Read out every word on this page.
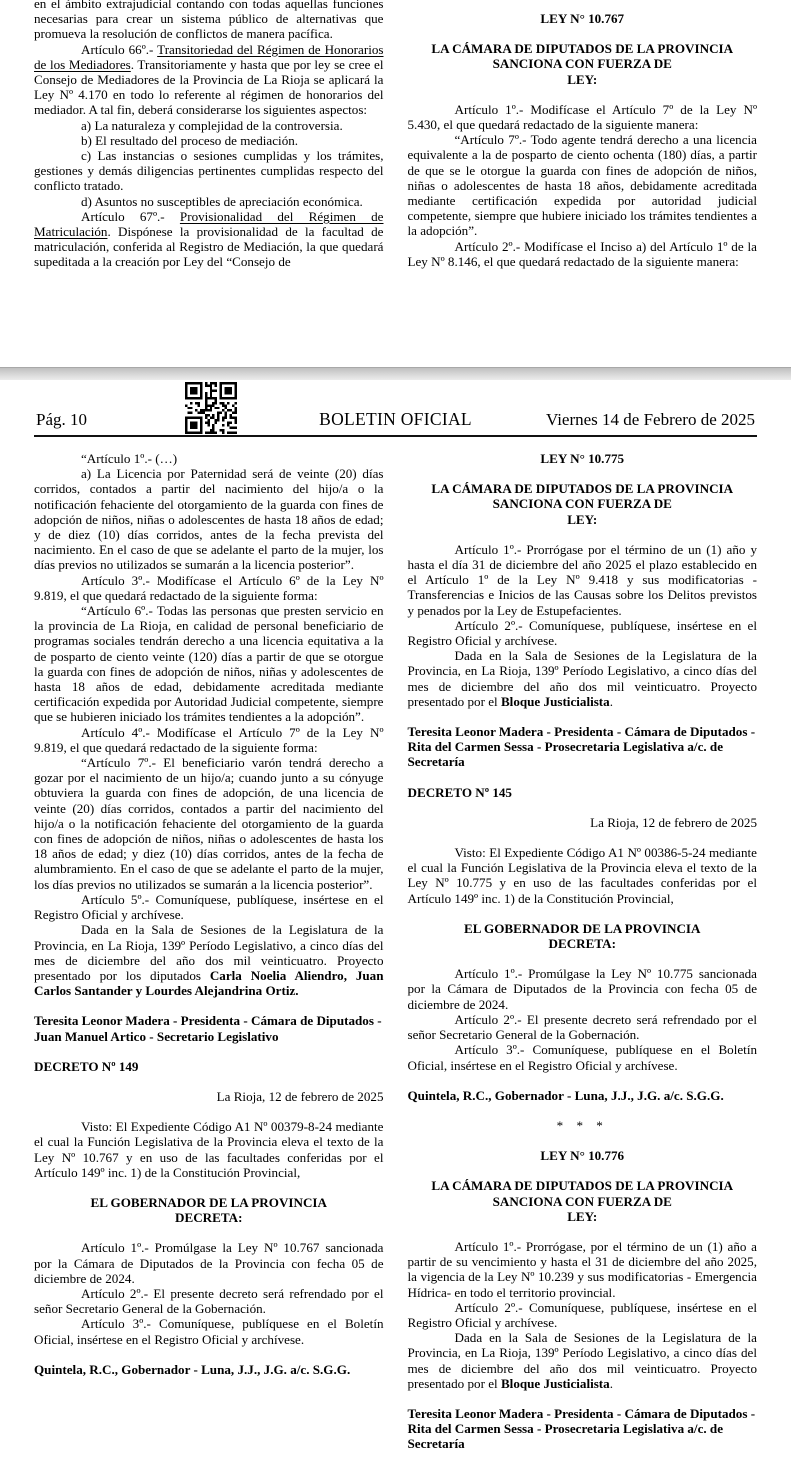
en el ámbito extrajudicial contando con todas aquellas funciones necesarias para crear un sistema público de alternativas que promueva la resolución de conflictos de manera pacífica.

Artículo 66º.- Transitoriedad del Régimen de Honorarios de los Mediadores. Transitoriamente y hasta que por ley se cree el Consejo de Mediadores de la Provincia de La Rioja se aplicará la Ley Nº 4.170 en todo lo referente al régimen de honorarios del mediador. A tal fin, deberá considerarse los siguientes aspectos:

a) La naturaleza y complejidad de la controversia.

b) El resultado del proceso de mediación.

c) Las instancias o sesiones cumplidas y los trámites, gestiones y demás diligencias pertinentes cumplidas respecto del conflicto tratado.

d) Asuntos no susceptibles de apreciación económica.

Artículo 67º.- Provisionalidad del Régimen de Matriculación. Dispónese la provisionalidad de la facultad de matriculación, conferida al Registro de Mediación, la que quedará supeditada a la creación por Ley del “Consejo de

LEY N° 10.767

LA CÁMARA DE DIPUTADOS DE LA PROVINCIA
SANCIONA CON FUERZA DE
LEY:

Artículo 1º.- Modifícase el Artículo 7º de la Ley Nº 5.430, el que quedará redactado de la siguiente manera:

“Artículo 7º.- Todo agente tendrá derecho a una licencia equivalente a la de posparto de ciento ochenta (180) días, a partir de que se le otorgue la guarda con fines de adopción de niños, niñas o adolescentes de hasta 18 años, debidamente acreditada mediante certificación expedida por autoridad judicial competente, siempre que hubiere iniciado los trámites tendientes a la adopción”.

Artículo 2º.- Modifícase el Inciso a) del Artículo 1º de la Ley Nº 8.146, el que quedará redactado de la siguiente manera:

Pág. 10	BOLETIN OFICIAL	Viernes 14 de Febrero de 2025

“Artículo 1º.- (…)

a) La Licencia por Paternidad será de veinte (20) días corridos, contados a partir del nacimiento del hijo/a o la notificación fehaciente del otorgamiento de la guarda con fines de adopción de niños, niñas o adolescentes de hasta 18 años de edad; y de diez (10) días corridos, antes de la fecha prevista del nacimiento. En el caso de que se adelante el parto de la mujer, los días previos no utilizados se sumarán a la licencia posterior”.

Artículo 3º.- Modifícase el Artículo 6º de la Ley Nº 9.819, el que quedará redactado de la siguiente forma:

“Artículo 6º.- Todas las personas que presten servicio en la provincia de La Rioja, en calidad de personal beneficiario de programas sociales tendrán derecho a una licencia equitativa a la de posparto de ciento veinte (120) días a partir de que se otorgue la guarda con fines de adopción de niños, niñas y adolescentes de hasta 18 años de edad, debidamente acreditada mediante certificación expedida por Autoridad Judicial competente, siempre que se hubieren iniciado los trámites tendientes a la adopción”.

Artículo 4º.- Modifícase el Artículo 7º de la Ley Nº 9.819, el que quedará redactado de la siguiente forma:

“Artículo 7º.- El beneficiario varón tendrá derecho a gozar por el nacimiento de un hijo/a; cuando junto a su cónyuge obtuviera la guarda con fines de adopción, de una licencia de veinte (20) días corridos, contados a partir del nacimiento del hijo/a o la notificación fehaciente del otorgamiento de la guarda con fines de adopción de niños, niñas o adolescentes de hasta los 18 años de edad; y diez (10) días corridos, antes de la fecha de alumbramiento. En el caso de que se adelante el parto de la mujer, los días previos no utilizados se sumarán a la licencia posterior”.

Artículo 5º.- Comuníquese, publíquese, insértese en el Registro Oficial y archívese.

Dada en la Sala de Sesiones de la Legislatura de la Provincia, en La Rioja, 139º Período Legislativo, a cinco días del mes de diciembre del año dos mil veinticuatro. Proyecto presentado por los diputados Carla Noelia Aliendro, Juan Carlos Santander y Lourdes Alejandrina Ortiz.

Teresita Leonor Madera - Presidenta - Cámara de Diputados - Juan Manuel Artico - Secretario Legislativo

DECRETO Nº 149

La Rioja, 12 de febrero de 2025

Visto: El Expediente Código A1 Nº 00379-8-24 mediante el cual la Función Legislativa de la Provincia eleva el texto de la Ley Nº 10.767 y en uso de las facultades conferidas por el Artículo 149º inc. 1) de la Constitución Provincial,

EL GOBERNADOR DE LA PROVINCIA
DECRETA:

Artículo 1º.- Promúlgase la Ley Nº 10.767 sancionada por la Cámara de Diputados de la Provincia con fecha 05 de diciembre de 2024.

Artículo 2º.- El presente decreto será refrendado por el señor Secretario General de la Gobernación.

Artículo 3º.- Comuníquese, publíquese en el Boletín Oficial, insértese en el Registro Oficial y archívese.

Quintela, R.C., Gobernador - Luna, J.J., J.G. a/c. S.G.G.

LEY N° 10.775

LA CÁMARA DE DIPUTADOS DE LA PROVINCIA
SANCIONA CON FUERZA DE
LEY:

Artículo 1º.- Prorrógase por el término de un (1) año y hasta el día 31 de diciembre del año 2025 el plazo establecido en el Artículo 1º de la Ley Nº 9.418 y sus modificatorias - Transferencias e Inicios de las Causas sobre los Delitos previstos y penados por la Ley de Estupefacientes.

Artículo 2º.- Comuníquese, publíquese, insértese en el Registro Oficial y archívese.

Dada en la Sala de Sesiones de la Legislatura de la Provincia, en La Rioja, 139º Período Legislativo, a cinco días del mes de diciembre del año dos mil veinticuatro. Proyecto presentado por el Bloque Justicialista.

Teresita Leonor Madera - Presidenta - Cámara de Diputados - Rita del Carmen Sessa - Prosecretaria Legislativa a/c. de Secretaría

DECRETO Nº 145

La Rioja, 12 de febrero de 2025

Visto: El Expediente Código A1 Nº 00386-5-24 mediante el cual la Función Legislativa de la Provincia eleva el texto de la Ley Nº 10.775 y en uso de las facultades conferidas por el Artículo 149º inc. 1) de la Constitución Provincial,

EL GOBERNADOR DE LA PROVINCIA
DECRETA:

Artículo 1º.- Promúlgase la Ley Nº 10.775 sancionada por la Cámara de Diputados de la Provincia con fecha 05 de diciembre de 2024.

Artículo 2º.- El presente decreto será refrendado por el señor Secretario General de la Gobernación.

Artículo 3º.- Comuníquese, publíquese en el Boletín Oficial, insértese en el Registro Oficial y archívese.

Quintela, R.C., Gobernador - Luna, J.J., J.G. a/c. S.G.G.

* * *

LEY N° 10.776

LA CÁMARA DE DIPUTADOS DE LA PROVINCIA
SANCIONA CON FUERZA DE
LEY:

Artículo 1º.- Prorrógase, por el término de un (1) año a partir de su vencimiento y hasta el 31 de diciembre del año 2025, la vigencia de la Ley Nº 10.239 y sus modificatorias - Emergencia Hídrica- en todo el territorio provincial.

Artículo 2º.- Comuníquese, publíquese, insértese en el Registro Oficial y archívese.

Dada en la Sala de Sesiones de la Legislatura de la Provincia, en La Rioja, 139º Período Legislativo, a cinco días del mes de diciembre del año dos mil veinticuatro. Proyecto presentado por el Bloque Justicialista.

Teresita Leonor Madera - Presidenta - Cámara de Diputados - Rita del Carmen Sessa - Prosecretaria Legislativa a/c. de Secretaría
